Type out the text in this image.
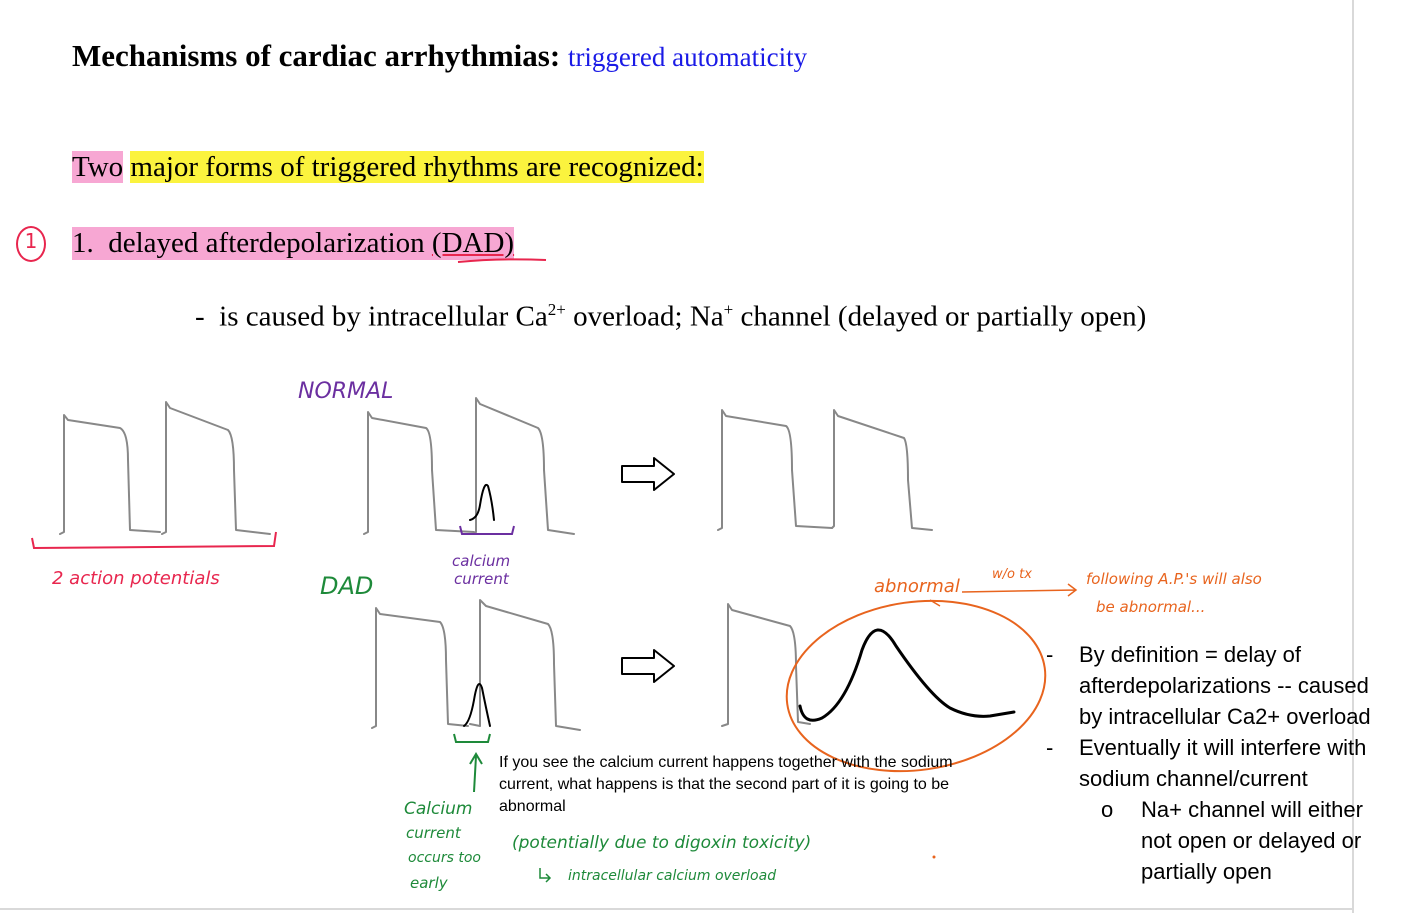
Mechanisms of cardiac arrhythmias: triggered automaticity
Two major forms of triggered rhythms are recognized:
1 1. delayed afterdepolarization (DAD)
- is caused by intracellular $Ca^{2+}$ overload; Na+ channel (delayed or partially open)
NORMAL
2 action potentials
calcium
current
DAD	abnormal
w/o tx	following A.P.'s will also
be abnormal...
Calcium
current
occurs too
early
(potentially due to digoxin toxicity)
intracellular calcium overload
If you see the calcium current happens together with the sodium current, what happens is that the second part of it is going to be abnormal
- By definition = delay of afterdepolarizations -- caused by intracellular Ca2+ overload
- Eventually it will interfere with sodium channel/current
o Na+ channel will either not open or delayed or partially open
